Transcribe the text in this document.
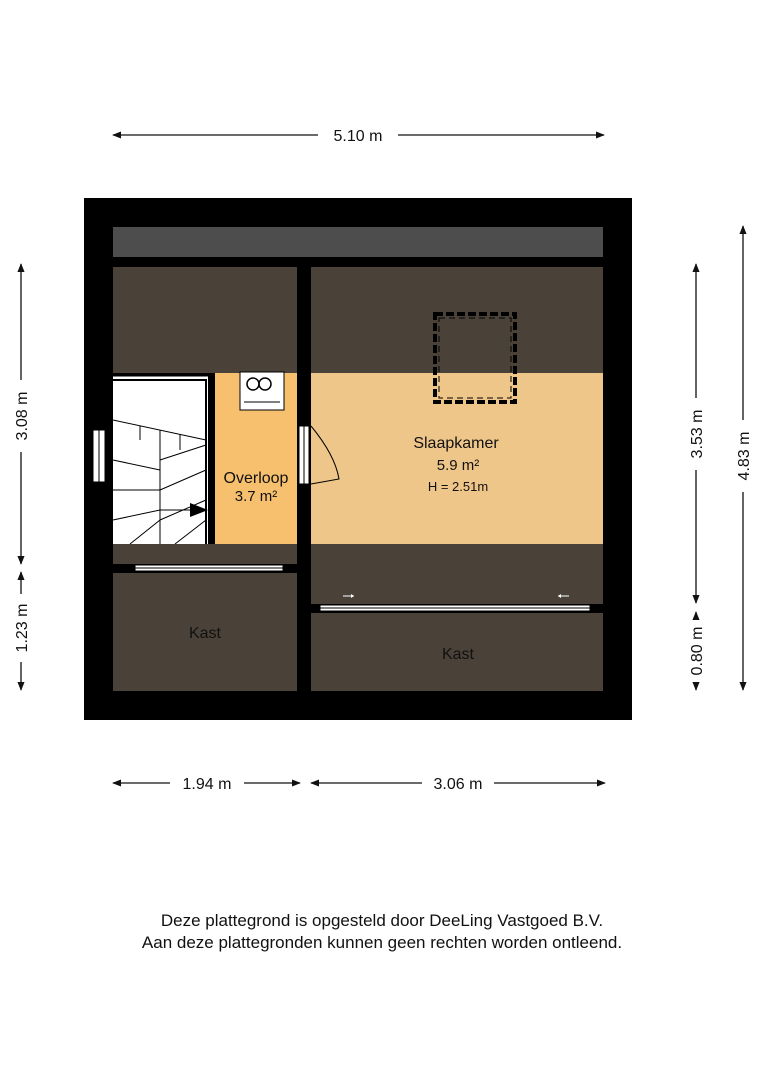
Slaapkamer
5.9 m²
H = 2.51m
Overloop
3.7 m²
Kast
Kast
5.10 m
1.94 m	3.06 m
3.08 m
1.23 m
3.53 m
0.80 m
4.83 m
Deze plattegrond is opgesteld door DeeLing Vastgoed B.V.
Aan deze plattegronden kunnen geen rechten worden ontleend.
